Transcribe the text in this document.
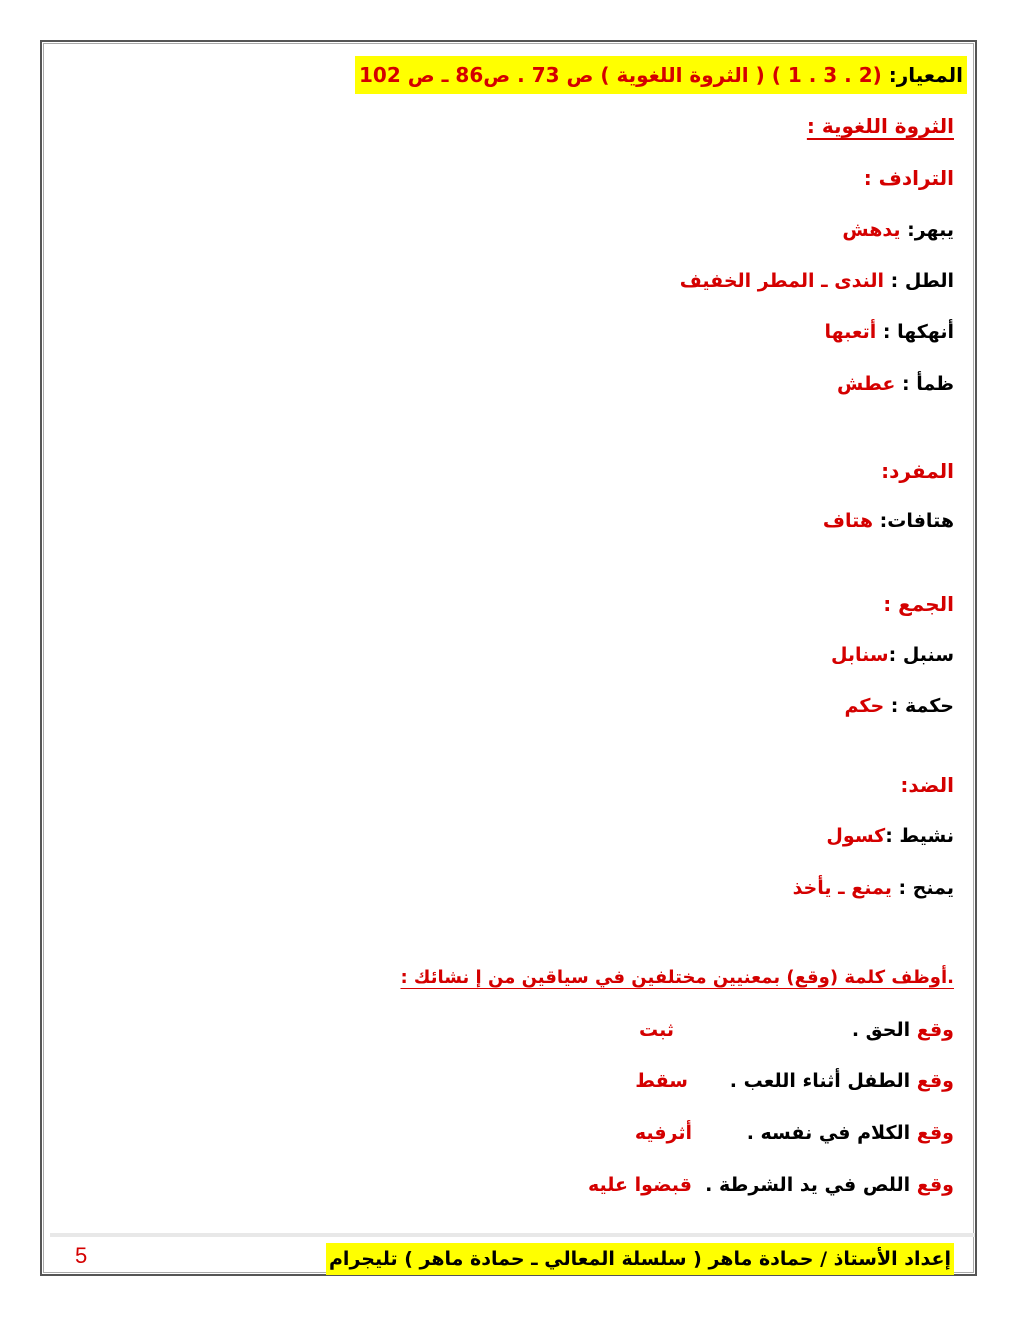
المعيار: (2 . 3 . 1 ) ( الثروة اللغوية ) ص 73 . ص86 ـ ص 102
الثروة اللغوية :
الترادف :
يبهر: يدهش
الطل : الندى ـ المطر الخفيف
أنهكها : أتعبها
ظمأ : عطش
المفرد:
هتافات: هتاف
الجمع :
سنبل :سنابل
حكمة : حكم
الضد:
نشيط :كسول
يمنح : يمنع ـ يأخذ
.أوظف كلمة (وقع) بمعنيين مختلفين في سياقين من إ نشائك :
وقع الحق .
ثبت
وقع الطفل أثناء اللعب .
سقط
وقع الكلام في نفسه .
أثرفيه
وقع اللص في يد الشرطة .
قبضوا عليه
إعداد الأستاذ / حمادة ماهر ( سلسلة المعالي ـ حمادة ماهر ) تليجرام
5
